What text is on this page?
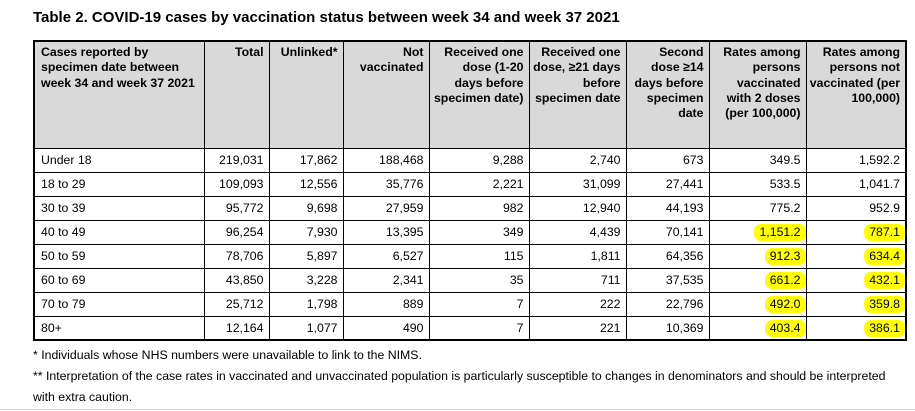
Table 2. COVID-19 cases by vaccination status between week 34 and week 37 2021
Cases reported by specimen date between week 34 and week 37 2021	Total	Unlinked*	Not vaccinated	Received one dose (1-20 days before specimen date)	Received one dose, ≥21 days before specimen date	Second dose ≥14 days before specimen date	Rates among persons vaccinated with 2 doses (per 100,000)	Rates among persons not vaccinated (per 100,000)
Under 18	219,031	17,862	188,468	9,288	2,740	673	349.5	1,592.2
18 to 29	109,093	12,556	35,776	2,221	31,099	27,441	533.5	1,041.7
30 to 39	95,772	9,698	27,959	982	12,940	44,193	775.2	952.9
40 to 49	96,254	7,930	13,395	349	4,439	70,141	1,151.2	787.1
50 to 59	78,706	5,897	6,527	115	1,811	64,356	912.3	634.4
60 to 69	43,850	3,228	2,341	35	711	37,535	661.2	432.1
70 to 79	25,712	1,798	889	7	222	22,796	492.0	359.8
80+	12,164	1,077	490	7	221	10,369	403.4	386.1
* Individuals whose NHS numbers were unavailable to link to the NIMS.
** Interpretation of the case rates in vaccinated and unvaccinated population is particularly susceptible to changes in denominators and should be interpreted with extra caution.
